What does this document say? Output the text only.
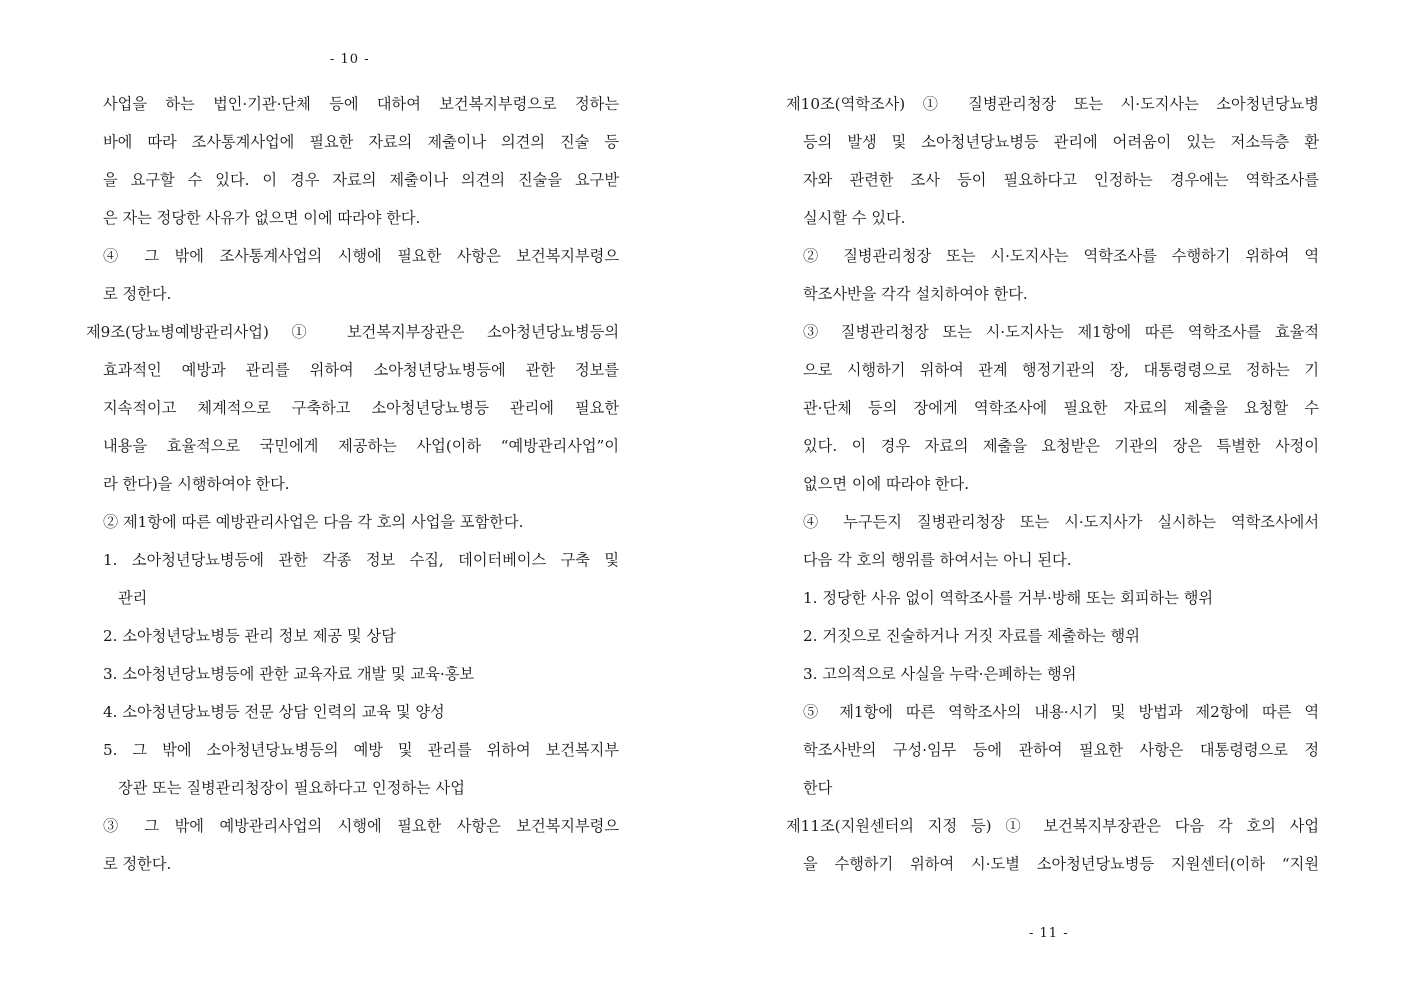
- 10 -
사업을 하는 법인·기관·단체 등에 대하여 보건복지부령으로 정하는
바에 따라 조사통계사업에 필요한 자료의 제출이나 의견의 진술 등
을 요구할 수 있다. 이 경우 자료의 제출이나 의견의 진술을 요구받
은 자는 정당한 사유가 없으면 이에 따라야 한다.
④ 그 밖에 조사통계사업의 시행에 필요한 사항은 보건복지부령으
로 정한다.
제9조(당뇨병예방관리사업) ① 보건복지부장관은 소아청년당뇨병등의
효과적인 예방과 관리를 위하여 소아청년당뇨병등에 관한 정보를
지속적이고 체계적으로 구축하고 소아청년당뇨병등 관리에 필요한
내용을 효율적으로 국민에게 제공하는 사업(이하 “예방관리사업”이
라 한다)을 시행하여야 한다.
② 제1항에 따른 예방관리사업은 다음 각 호의 사업을 포함한다.
1. 소아청년당뇨병등에 관한 각종 정보 수집, 데이터베이스 구축 및
관리
2. 소아청년당뇨병등 관리 정보 제공 및 상담
3. 소아청년당뇨병등에 관한 교육자료 개발 및 교육·홍보
4. 소아청년당뇨병등 전문 상담 인력의 교육 및 양성
5. 그 밖에 소아청년당뇨병등의 예방 및 관리를 위하여 보건복지부
장관 또는 질병관리청장이 필요하다고 인정하는 사업
③ 그 밖에 예방관리사업의 시행에 필요한 사항은 보건복지부령으
로 정한다.
- 11 -
제10조(역학조사) ① 질병관리청장 또는 시·도지사는 소아청년당뇨병
등의 발생 및 소아청년당뇨병등 관리에 어려움이 있는 저소득층 환
자와 관련한 조사 등이 필요하다고 인정하는 경우에는 역학조사를
실시할 수 있다.
② 질병관리청장 또는 시·도지사는 역학조사를 수행하기 위하여 역
학조사반을 각각 설치하여야 한다.
③ 질병관리청장 또는 시·도지사는 제1항에 따른 역학조사를 효율적
으로 시행하기 위하여 관계 행정기관의 장, 대통령령으로 정하는 기
관·단체 등의 장에게 역학조사에 필요한 자료의 제출을 요청할 수
있다. 이 경우 자료의 제출을 요청받은 기관의 장은 특별한 사정이
없으면 이에 따라야 한다.
④ 누구든지 질병관리청장 또는 시·도지사가 실시하는 역학조사에서
다음 각 호의 행위를 하여서는 아니 된다.
1. 정당한 사유 없이 역학조사를 거부·방해 또는 회피하는 행위
2. 거짓으로 진술하거나 거짓 자료를 제출하는 행위
3. 고의적으로 사실을 누락·은폐하는 행위
⑤ 제1항에 따른 역학조사의 내용·시기 및 방법과 제2항에 따른 역
학조사반의 구성·임무 등에 관하여 필요한 사항은 대통령령으로 정
한다
제11조(지원센터의 지정 등) ① 보건복지부장관은 다음 각 호의 사업
을 수행하기 위하여 시·도별 소아청년당뇨병등 지원센터(이하 “지원
